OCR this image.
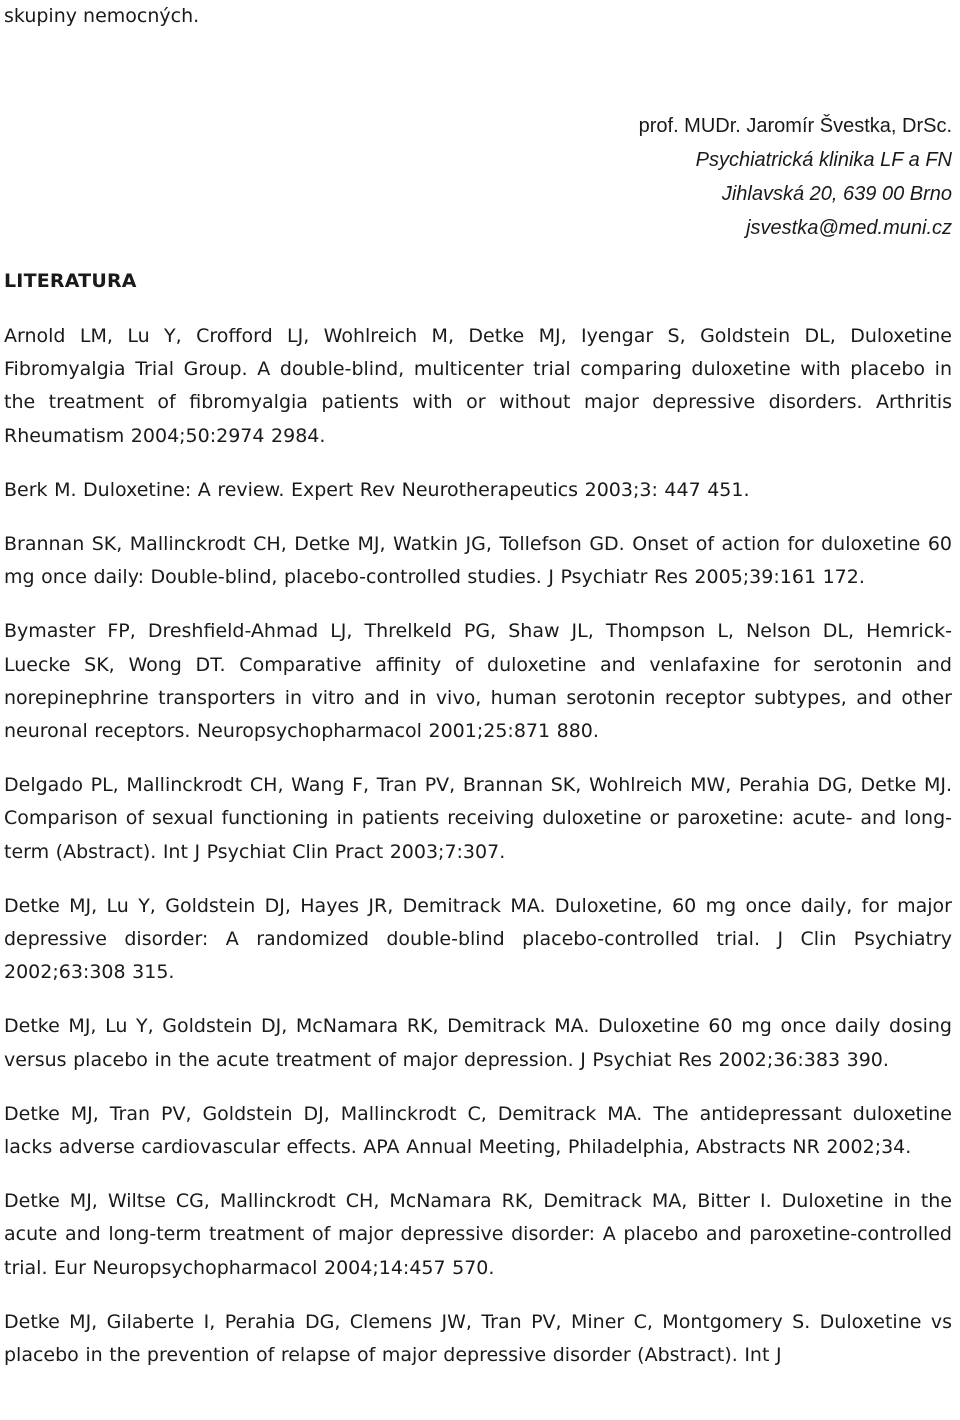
skupiny nemocných.
prof. MUDr. Jaromír Švestka, DrSc.
Psychiatrická klinika LF a FN
Jihlavská 20, 639 00 Brno
jsvestka@med.muni.cz
LITERATURA

Arnold LM, Lu Y, Crofford LJ, Wohlreich M, Detke MJ, Iyengar S, Goldstein DL, Duloxetine Fibromyalgia Trial Group. A double-blind, multicenter trial comparing duloxetine with placebo in the treatment of fibromyalgia patients with or without major depressive disorders. Arthritis Rheumatism 2004;50:2974 2984.

Berk M. Duloxetine: A review. Expert Rev Neurotherapeutics 2003;3: 447 451.

Brannan SK, Mallinckrodt CH, Detke MJ, Watkin JG, Tollefson GD. Onset of action for duloxetine 60 mg once daily: Double-blind, placebo-controlled studies. J Psychiatr Res 2005;39:161 172.

Bymaster FP, Dreshfield-Ahmad LJ, Threlkeld PG, Shaw JL, Thompson L, Nelson DL, Hemrick-Luecke SK, Wong DT. Comparative affinity of duloxetine and venlafaxine for serotonin and norepinephrine transporters in vitro and in vivo, human serotonin receptor subtypes, and other neuronal receptors. Neuropsychopharmacol 2001;25:871 880.

Delgado PL, Mallinckrodt CH, Wang F, Tran PV, Brannan SK, Wohlreich MW, Perahia DG, Detke MJ. Comparison of sexual functioning in patients receiving duloxetine or paroxetine: acute- and long-term (Abstract). Int J Psychiat Clin Pract 2003;7:307.

Detke MJ, Lu Y, Goldstein DJ, Hayes JR, Demitrack MA. Duloxetine, 60 mg once daily, for major depressive disorder: A randomized double-blind placebo-controlled trial. J Clin Psychiatry 2002;63:308 315.

Detke MJ, Lu Y, Goldstein DJ, McNamara RK, Demitrack MA. Duloxetine 60 mg once daily dosing versus placebo in the acute treatment of major depression. J Psychiat Res 2002;36:383 390.

Detke MJ, Tran PV, Goldstein DJ, Mallinckrodt C, Demitrack MA. The antidepressant duloxetine lacks adverse cardiovascular effects. APA Annual Meeting, Philadelphia, Abstracts NR 2002;34.

Detke MJ, Wiltse CG, Mallinckrodt CH, McNamara RK, Demitrack MA, Bitter I. Duloxetine in the acute and long-term treatment of major depressive disorder: A placebo and paroxetine-controlled trial. Eur Neuropsychopharmacol 2004;14:457 570.

Detke MJ, Gilaberte I, Perahia DG, Clemens JW, Tran PV, Miner C, Montgomery S. Duloxetine vs placebo in the prevention of relapse of major depressive disorder (Abstract). Int J
